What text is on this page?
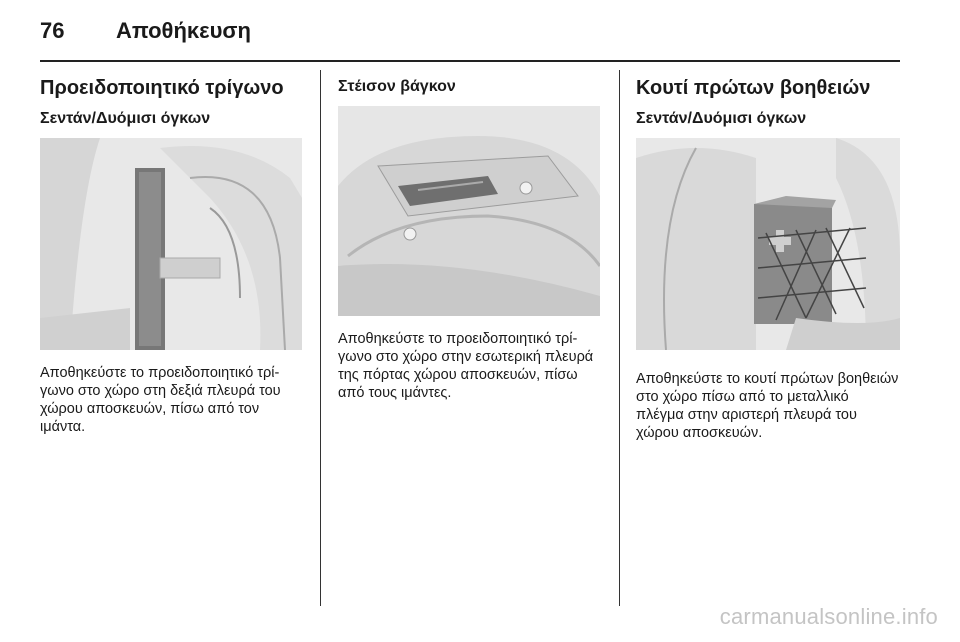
76 Αποθήκευση
Προειδοποιητικό τρίγωνο
Σεντάν/Δυόμισι όγκων

Αποθηκεύστε το προειδοποιητικό τρίγωνο στο χώρο στη δεξιά πλευρά του χώρου αποσκευών, πίσω από τον ιμάντα.

Στέισον βάγκον

Αποθηκεύστε το προειδοποιητικό τρίγωνο στο χώρο στην εσωτερική πλευρά της πόρτας χώρου αποσκευών, πίσω από τους ιμάντες.

Κουτί πρώτων βοηθειών
Σεντάν/Δυόμισι όγκων

Αποθηκεύστε το κουτί πρώτων βοηθειών στο χώρο πίσω από το μεταλλικό πλέγμα στην αριστερή πλευρά του χώρου αποσκευών.

carmanualsonline.info
